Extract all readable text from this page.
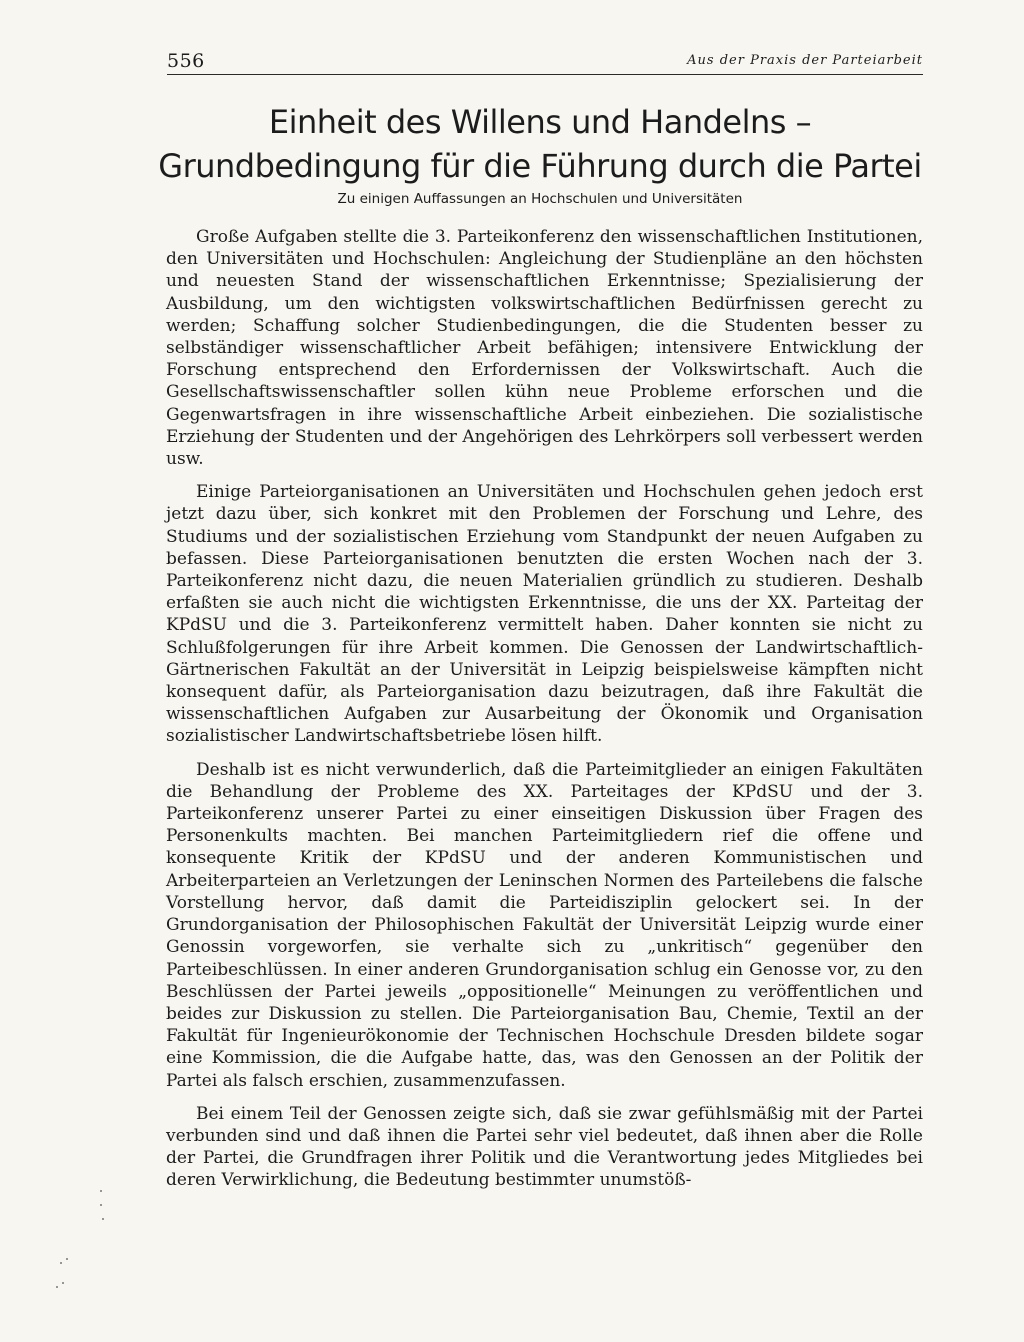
556	Aus der Praxis der Parteiarbeit
Einheit des Willens und Handelns –
Grundbedingung für die Führung durch die Partei

Zu einigen Auffassungen an Hochschulen und Universitäten

Große Aufgaben stellte die 3. Parteikonferenz den wissenschaftlichen Institutionen, den Universitäten und Hochschulen: Angleichung der Studienpläne an den höchsten und neuesten Stand der wissenschaftlichen Erkenntnisse; Spezialisierung der Ausbildung, um den wichtigsten volkswirtschaftlichen Bedürfnissen gerecht zu werden; Schaffung solcher Studienbedingungen, die die Studenten besser zu selbständiger wissenschaftlicher Arbeit befähigen; intensivere Entwicklung der Forschung entsprechend den Erfordernissen der Volkswirtschaft. Auch die Gesellschaftswissenschaftler sollen kühn neue Probleme erforschen und die Gegenwartsfragen in ihre wissenschaftliche Arbeit einbeziehen. Die sozialistische Erziehung der Studenten und der Angehörigen des Lehrkörpers soll verbessert werden usw.

Einige Parteiorganisationen an Universitäten und Hochschulen gehen jedoch erst jetzt dazu über, sich konkret mit den Problemen der Forschung und Lehre, des Studiums und der sozialistischen Erziehung vom Standpunkt der neuen Aufgaben zu befassen. Diese Parteiorganisationen benutzten die ersten Wochen nach der 3. Parteikonferenz nicht dazu, die neuen Materialien gründlich zu studieren. Deshalb erfaßten sie auch nicht die wichtigsten Erkenntnisse, die uns der XX. Parteitag der KPdSU und die 3. Parteikonferenz vermittelt haben. Daher konnten sie nicht zu Schlußfolgerungen für ihre Arbeit kommen. Die Genossen der Landwirtschaftlich-Gärtnerischen Fakultät an der Universität in Leipzig beispielsweise kämpften nicht konsequent dafür, als Parteiorganisation dazu beizutragen, daß ihre Fakultät die wissenschaftlichen Aufgaben zur Ausarbeitung der Ökonomik und Organisation sozialistischer Landwirtschaftsbetriebe lösen hilft.

Deshalb ist es nicht verwunderlich, daß die Parteimitglieder an einigen Fakultäten die Behandlung der Probleme des XX. Parteitages der KPdSU und der 3. Parteikonferenz unserer Partei zu einer einseitigen Diskussion über Fragen des Personenkults machten. Bei manchen Parteimitgliedern rief die offene und konsequente Kritik der KPdSU und der anderen Kommunistischen und Arbeiterparteien an Verletzungen der Leninschen Normen des Parteilebens die falsche Vorstellung hervor, daß damit die Parteidisziplin gelockert sei. In der Grundorganisation der Philosophischen Fakultät der Universität Leipzig wurde einer Genossin vorgeworfen, sie verhalte sich zu „unkritisch“ gegenüber den Parteibeschlüssen. In einer anderen Grundorganisation schlug ein Genosse vor, zu den Beschlüssen der Partei jeweils „oppositionelle“ Meinungen zu veröffentlichen und beides zur Diskussion zu stellen. Die Parteiorganisation Bau, Chemie, Textil an der Fakultät für Ingenieurökonomie der Technischen Hochschule Dresden bildete sogar eine Kommission, die die Aufgabe hatte, das, was den Genossen an der Politik der Partei als falsch erschien, zusammenzufassen.

Bei einem Teil der Genossen zeigte sich, daß sie zwar gefühlsmäßig mit der Partei verbunden sind und daß ihnen die Partei sehr viel bedeutet, daß ihnen aber die Rolle der Partei, die Grundfragen ihrer Politik und die Verantwortung jedes Mitgliedes bei deren Verwirklichung, die Bedeutung bestimmter unumstöß-
